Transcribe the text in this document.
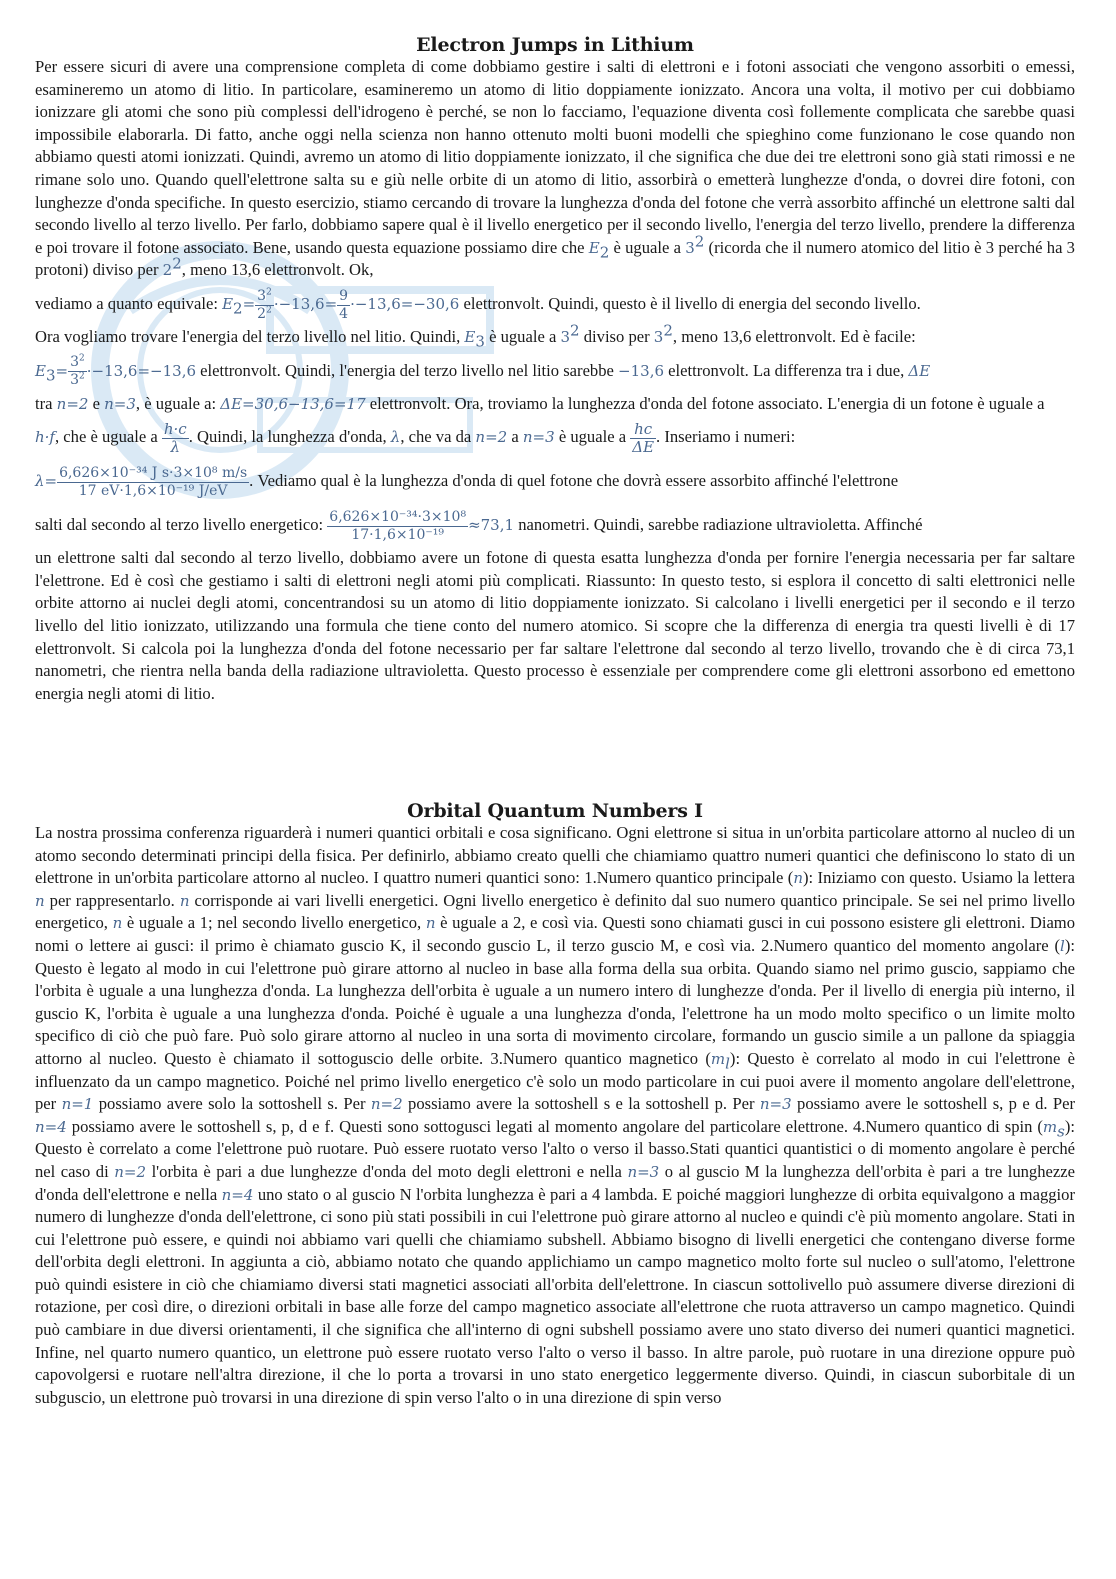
Electron Jumps in Lithium

Per essere sicuri di avere una comprensione completa di come dobbiamo gestire i salti di elettroni e i fotoni associati che vengono assorbiti o emessi, esamineremo un atomo di litio. In particolare, esamineremo un atomo di litio doppiamente ionizzato. Ancora una volta, il motivo per cui dobbiamo ionizzare gli atomi che sono più complessi dell'idrogeno è perché, se non lo facciamo, l'equazione diventa così follemente complicata che sarebbe quasi impossibile elaborarla. Di fatto, anche oggi nella scienza non hanno ottenuto molti buoni modelli che spieghino come funzionano le cose quando non abbiamo questi atomi ionizzati. Quindi, avremo un atomo di litio doppiamente ionizzato, il che significa che due dei tre elettroni sono già stati rimossi e ne rimane solo uno. Quando quell'elettrone salta su e giù nelle orbite di un atomo di litio, assorbirà o emetterà lunghezze d'onda, o dovrei dire fotoni, con lunghezze d'onda specifiche. In questo esercizio, stiamo cercando di trovare la lunghezza d'onda del fotone che verrà assorbito affinché un elettrone salti dal secondo livello al terzo livello. Per farlo, dobbiamo sapere qual è il livello energetico per il secondo livello, l'energia del terzo livello, prendere la differenza e poi trovare il fotone associato. Bene, usando questa equazione possiamo dire che $E_2$ è uguale a $3^2$ (ricorda che il numero atomico del litio è 3 perché ha 3 protoni) diviso per $2^2$, meno 13,6 elettronvolt. Ok,

vediamo a quanto equivale: $E_2= \frac{3^2}{2^2} \cdot-13,6= \frac{9}{4} \cdot-13,6=-30,6$ elettronvolt. Quindi, questo è il livello di energia del secondo livello.

Ora vogliamo trovare l'energia del terzo livello nel litio. Quindi, $E_3$ è uguale a $3^2$ diviso per $3^2$, meno 13,6 elettronvolt. Ed è facile:

$E_3= \frac{3^2}{3^2} \cdot-13,6=-13,6$ elettronvolt. Quindi, l'energia del terzo livello nel litio sarebbe −13,6 elettronvolt. La differenza tra i due, ΔE

tra n=2 e n=3, è uguale a: ΔE=30,6−13,6=17 elettronvolt. Ora, troviamo la lunghezza d'onda del fotone associato. L'energia di un fotone è uguale a

h·f, che è uguale a $\frac{h\cdot c}{\lambda}$ . Quindi, la lunghezza d'onda, λ, che va da n=2 a n=3 è uguale a $\frac{hc}{\Delta E}$ . Inseriamo i numeri:

$\lambda= \frac{\text{6,626×10⁻³⁴ J s·3×10⁸ m/s}}{\text{17 eV·1,6×10⁻¹⁹ J/eV}}$ . Vediamo qual è la lunghezza d'onda di quel fotone che dovrà essere assorbito affinché l'elettrone

salti dal secondo al terzo livello energetico: $\frac{\text{6,626×10⁻³⁴·3×10⁸}}{\text{17·1,6×10⁻¹⁹}} \approx 73,1$ nanometri. Quindi, sarebbe radiazione ultravioletta. Affinché

un elettrone salti dal secondo al terzo livello, dobbiamo avere un fotone di questa esatta lunghezza d'onda per fornire l'energia necessaria per far saltare l'elettrone. Ed è così che gestiamo i salti di elettroni negli atomi più complicati. Riassunto: In questo testo, si esplora il concetto di salti elettronici nelle orbite attorno ai nuclei degli atomi, concentrandosi su un atomo di litio doppiamente ionizzato. Si calcolano i livelli energetici per il secondo e il terzo livello del litio ionizzato, utilizzando una formula che tiene conto del numero atomico. Si scopre che la differenza di energia tra questi livelli è di 17 elettronvolt. Si calcola poi la lunghezza d'onda del fotone necessario per far saltare l'elettrone dal secondo al terzo livello, trovando che è di circa 73,1 nanometri, che rientra nella banda della radiazione ultravioletta. Questo processo è essenziale per comprendere come gli elettroni assorbono ed emettono energia negli atomi di litio.

Orbital Quantum Numbers I

La nostra prossima conferenza riguarderà i numeri quantici orbitali e cosa significano. Ogni elettrone si situa in un'orbita particolare attorno al nucleo di un atomo secondo determinati principi della fisica. Per definirlo, abbiamo creato quelli che chiamiamo quattro numeri quantici che definiscono lo stato di un elettrone in un'orbita particolare attorno al nucleo. I quattro numeri quantici sono: 1.Numero quantico principale (n): Iniziamo con questo. Usiamo la lettera n per rappresentarlo. n corrisponde ai vari livelli energetici. Ogni livello energetico è definito dal suo numero quantico principale. Se sei nel primo livello energetico, n è uguale a 1; nel secondo livello energetico, n è uguale a 2, e così via. Questi sono chiamati gusci in cui possono esistere gli elettroni. Diamo nomi o lettere ai gusci: il primo è chiamato guscio K, il secondo guscio L, il terzo guscio M, e così via. 2.Numero quantico del momento angolare (l): Questo è legato al modo in cui l'elettrone può girare attorno al nucleo in base alla forma della sua orbita. Quando siamo nel primo guscio, sappiamo che l'orbita è uguale a una lunghezza d'onda. La lunghezza dell'orbita è uguale a un numero intero di lunghezze d'onda. Per il livello di energia più interno, il guscio K, l'orbita è uguale a una lunghezza d'onda. Poiché è uguale a una lunghezza d'onda, l'elettrone ha un modo molto specifico o un limite molto specifico di ciò che può fare. Può solo girare attorno al nucleo in una sorta di movimento circolare, formando un guscio simile a un pallone da spiaggia attorno al nucleo. Questo è chiamato il sottoguscio delle orbite. 3.Numero quantico magnetico $(m_l)$: Questo è correlato al modo in cui l'elettrone è influenzato da un campo magnetico. Poiché nel primo livello energetico c'è solo un modo particolare in cui puoi avere il momento angolare dell'elettrone, per n=1 possiamo avere solo la sottoshell s. Per n=2 possiamo avere la sottoshell s e la sottoshell p. Per n=3 possiamo avere le sottoshell s, p e d. Per n=4 possiamo avere le sottoshell s, p, d e f. Questi sono sottogusci legati al momento angolare del particolare elettrone. 4.Numero quantico di spin $(m_s)$: Questo è correlato a come l'elettrone può ruotare. Può essere ruotato verso l'alto o verso il basso.Stati quantici quantistici o di momento angolare è perché nel caso di n=2 l'orbita è pari a due lunghezze d'onda del moto degli elettroni e nella n=3 o al guscio M la lunghezza dell'orbita è pari a tre lunghezze d'onda dell'elettrone e nella n=4 uno stato o al guscio N l'orbita lunghezza è pari a 4 lambda. E poiché maggiori lunghezze di orbita equivalgono a maggior numero di lunghezze d'onda dell'elettrone, ci sono più stati possibili in cui l'elettrone può girare attorno al nucleo e quindi c'è più momento angolare. Stati in cui l'elettrone può essere, e quindi noi abbiamo vari quelli che chiamiamo subshell. Abbiamo bisogno di livelli energetici che contengano diverse forme dell'orbita degli elettroni. In aggiunta a ciò, abbiamo notato che quando applichiamo un campo magnetico molto forte sul nucleo o sull'atomo, l'elettrone può quindi esistere in ciò che chiamiamo diversi stati magnetici associati all'orbita dell'elettrone. In ciascun sottolivello può assumere diverse direzioni di rotazione, per così dire, o direzioni orbitali in base alle forze del campo magnetico associate all'elettrone che ruota attraverso un campo magnetico. Quindi può cambiare in due diversi orientamenti, il che significa che all'interno di ogni subshell possiamo avere uno stato diverso dei numeri quantici magnetici. Infine, nel quarto numero quantico, un elettrone può essere ruotato verso l'alto o verso il basso. In altre parole, può ruotare in una direzione oppure può capovolgersi e ruotare nell'altra direzione, il che lo porta a trovarsi in uno stato energetico leggermente diverso. Quindi, in ciascun suborbitale di un subguscio, un elettrone può trovarsi in una direzione di spin verso l'alto o in una direzione di spin verso
